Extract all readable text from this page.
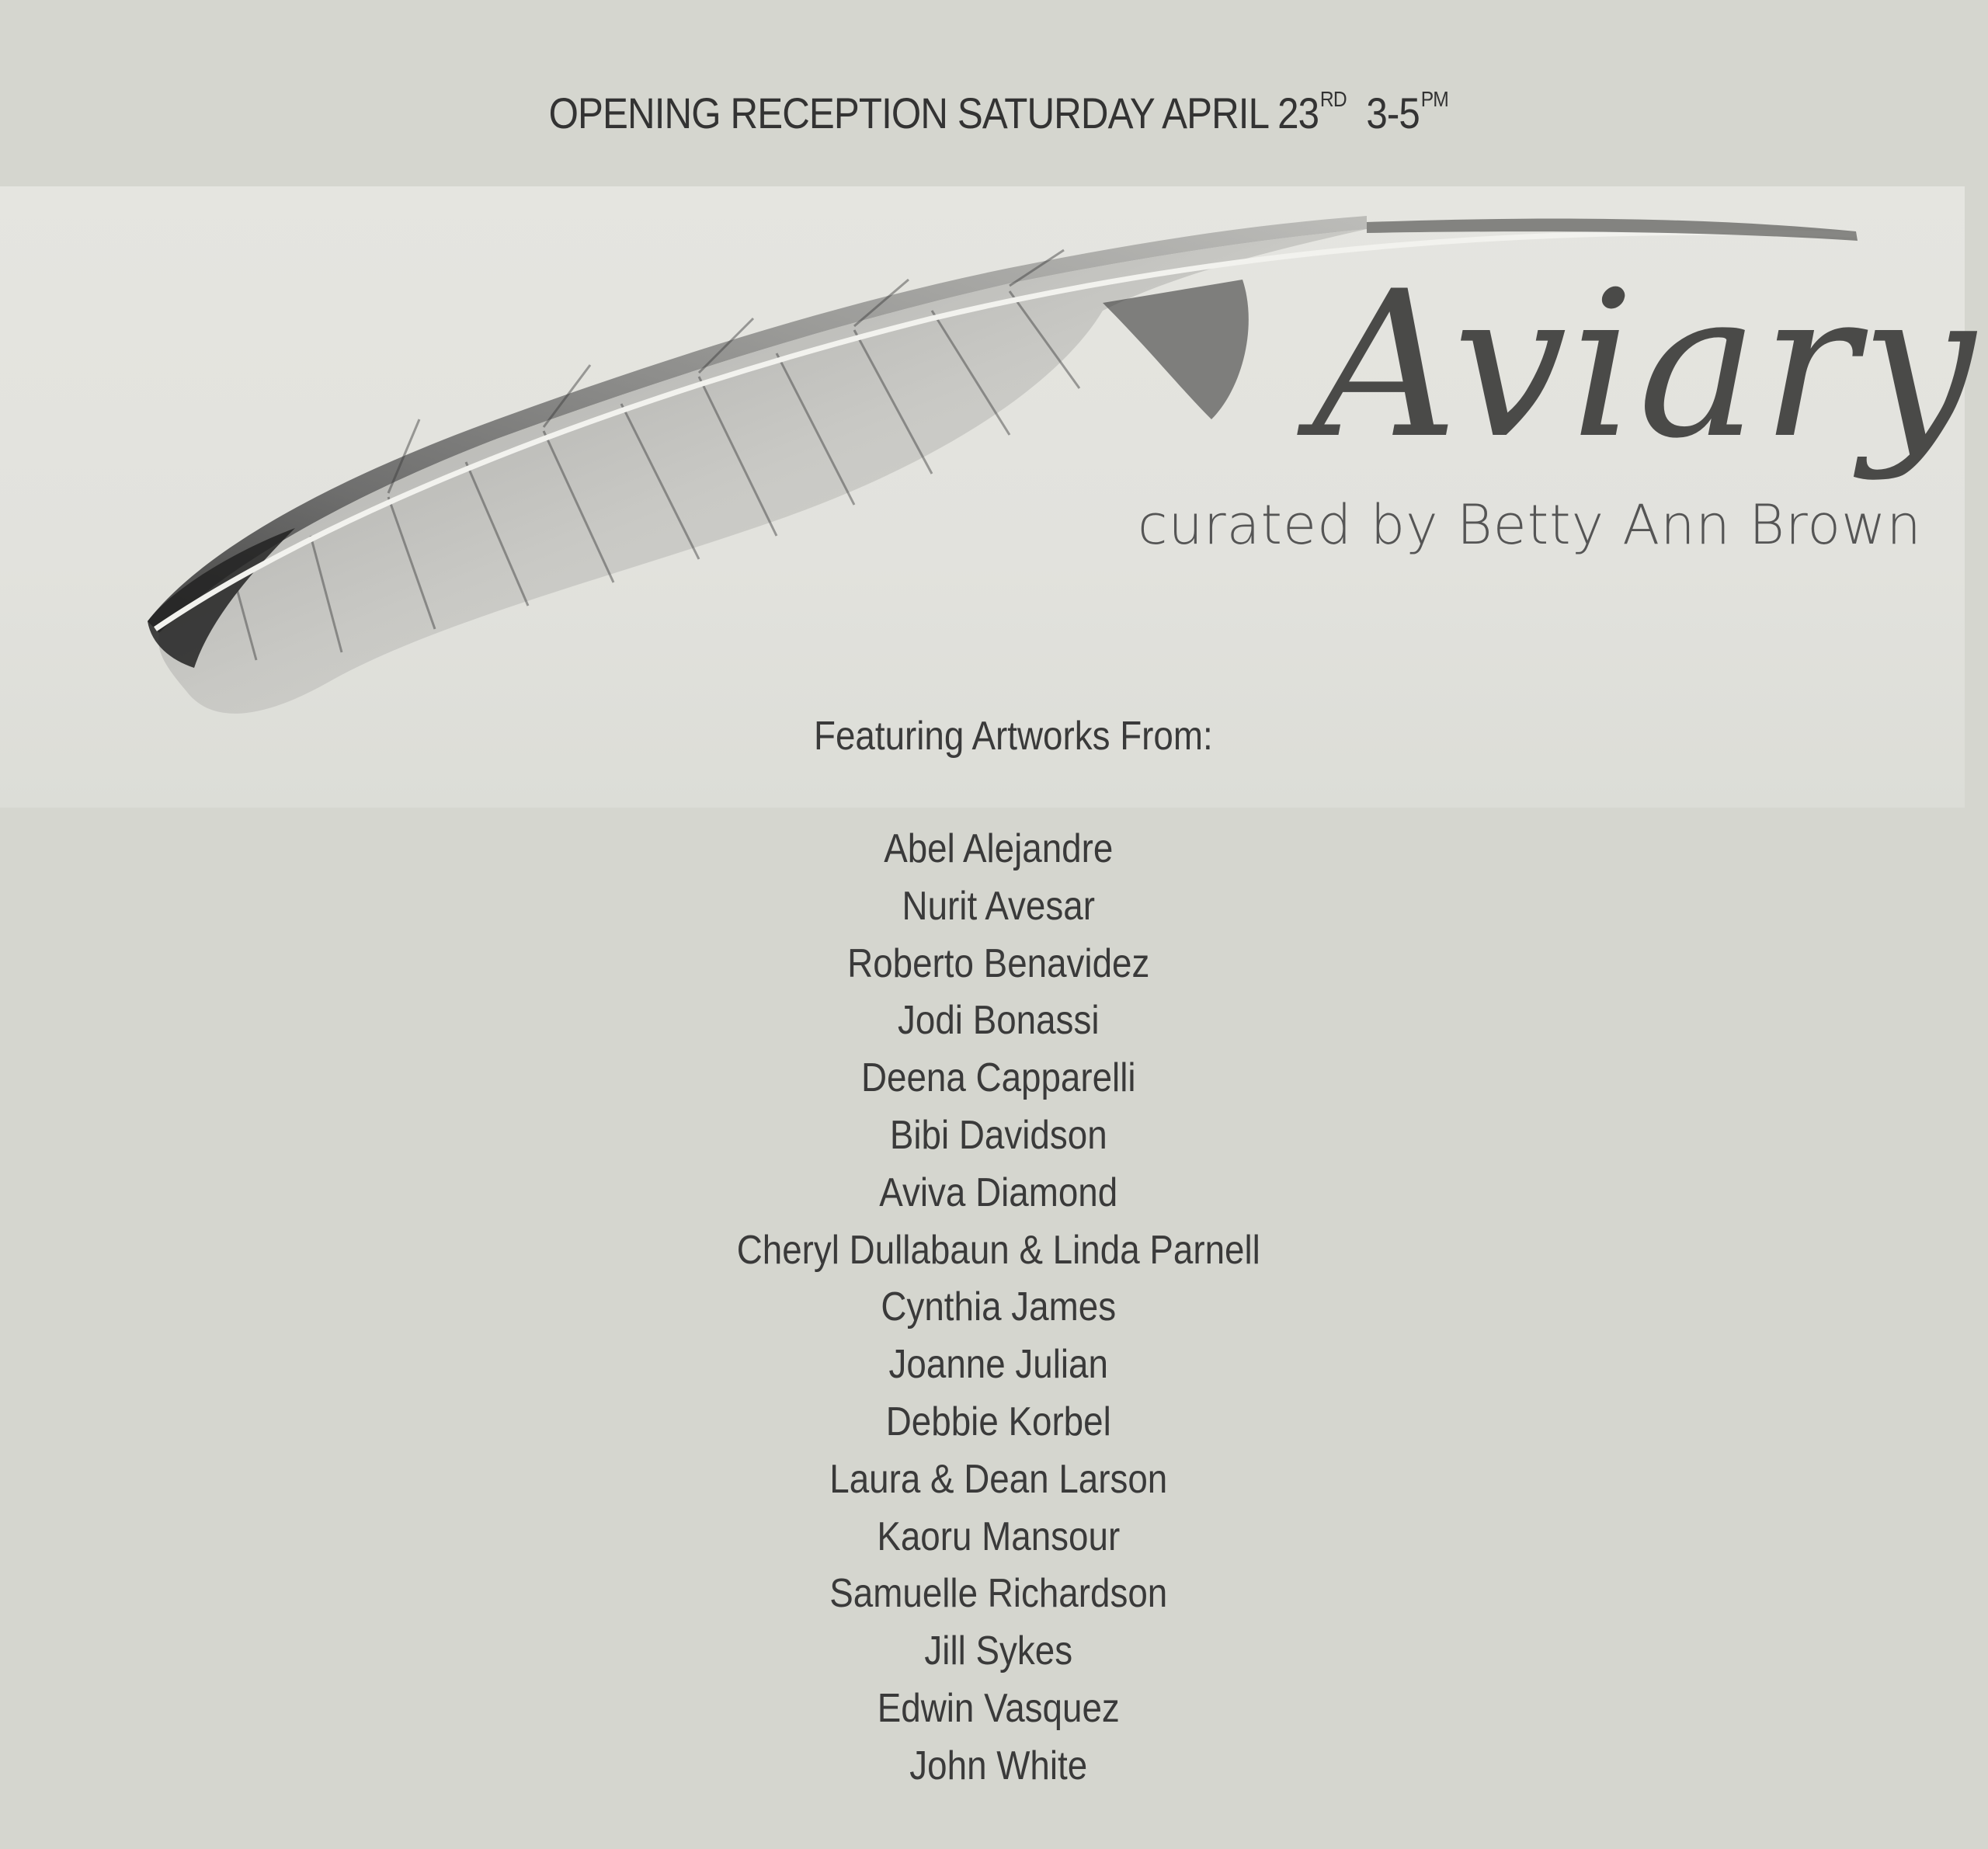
OPENING RECEPTION SATURDAY APRIL 23RD $3-5^{PM}$
Aviary
curated by Betty Ann Brown
Featuring Artworks From:
Abel Alejandre
Nurit Avesar
Roberto Benavidez
Jodi Bonassi
Deena Capparelli
Bibi Davidson
Aviva Diamond
Cheryl Dullabaun & Linda Parnell
Cynthia James
Joanne Julian
Debbie Korbel
Laura & Dean Larson
Kaoru Mansour
Samuelle Richardson
Jill Sykes
Edwin Vasquez
John White
